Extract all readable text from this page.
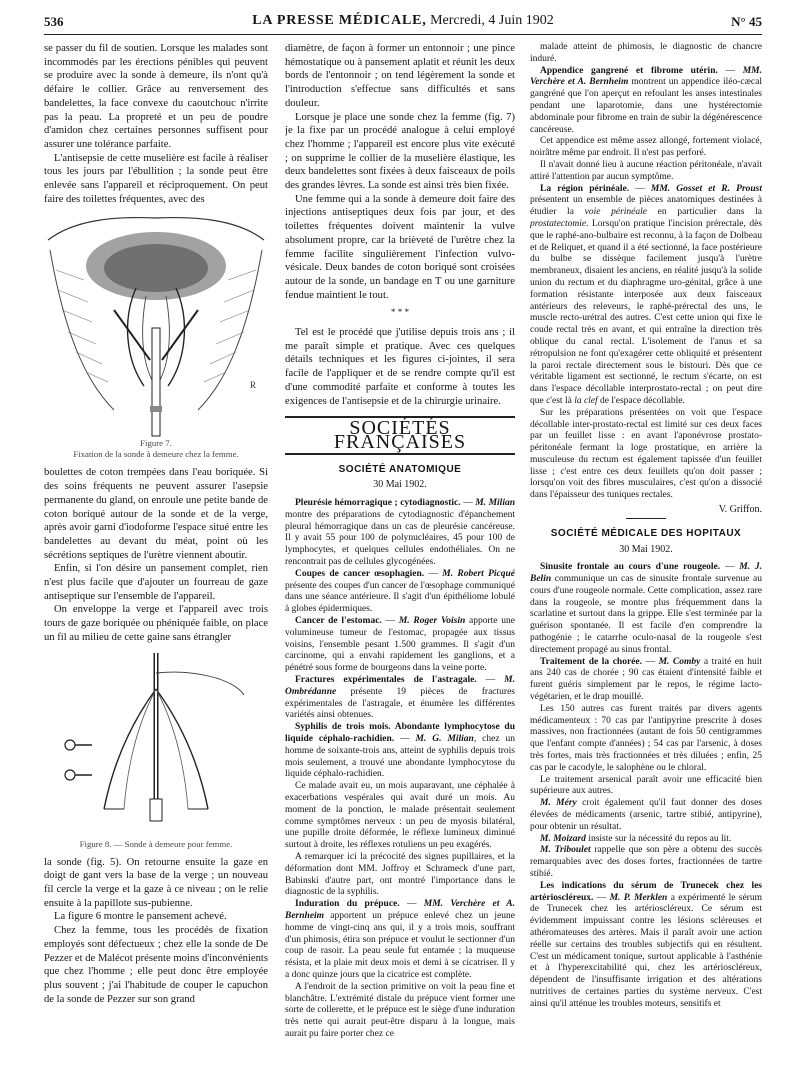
536	LA PRESSE MÉDICALE, Mercredi, 4 Juin 1902	N° 45

se passer du fil de soutien. Lorsque les malades sont incommodés par les érections pénibles qui peuvent se produire avec la sonde à demeure, ils n'ont qu'à défaire le collier. Grâce au renversement des bandelettes, la face convexe du caoutchouc n'irrite pas la peau. La propreté et un peu de poudre d'amidon chez certaines personnes suffisent pour assurer une tolérance parfaite.

L'antisepsie de cette muselière est facile à réaliser tous les jours par l'ébullition ; la sonde peut être enlevée sans l'appareil et réciproquement. On peut faire des toilettes fréquentes, avec des

R
Figure 7.
Fixation de la sonde à demeure chez la femme.

boulettes de coton trempées dans l'eau boriquée. Si des soins fréquents ne peuvent assurer l'asepsie permanente du gland, on enroule une petite bande de coton boriqué autour de la sonde et de la verge, après avoir garni d'iodoforme l'espace situé entre les bandelettes au devant du méat, point où les sécrétions septiques de l'urètre viennent aboutir.

Enfin, si l'on désire un pansement complet, rien n'est plus facile que d'ajouter un fourreau de gaze antiseptique sur l'ensemble de l'appareil.

On enveloppe la verge et l'appareil avec trois tours de gaze boriquée ou phéniquée faible, on place un fil au milieu de cette gaine sans étrangler

Figure 8. — Sonde à demeure pour femme.

la sonde (fig. 5). On retourne ensuite la gaze en doigt de gant vers la base de la verge ; un nouveau fil cercle la verge et la gaze à ce niveau ; on le relie ensuite à la papillote sus-pubienne.

La figure 6 montre le pansement achevé.

Chez la femme, tous les procédés de fixation employés sont défectueux ; chez elle la sonde de De Pezzer et de Malécot présente moins d'inconvénients que chez l'homme ; elle peut donc être employée plus souvent ; j'ai l'habitude de couper le capuchon de la sonde de Pezzer sur son grand

diamètre, de façon à former un entonnoir ; une pince hémostatique ou à pansement aplatit et réunit les deux bords de l'entonnoir ; on tend légèrement la sonde et l'introduction s'effectue sans difficultés et sans douleur.

Lorsque je place une sonde chez la femme (fig. 7) je la fixe par un procédé analogue à celui employé chez l'homme ; l'appareil est encore plus vite exécuté ; on supprime le collier de la muselière élastique, les deux bandelettes sont fixées à deux faisceaux de poils des grandes lèvres. La sonde est ainsi très bien fixée.

Une femme qui a la sonde à demeure doit faire des injections antiseptiques deux fois par jour, et des toilettes fréquentes doivent maintenir la vulve absolument propre, car la brièveté de l'urètre chez la femme facilite singulièrement l'infection vulvo-vésicale. Deux bandes de coton boriqué sont croisées autour de la sonde, un bandage en T ou une garniture fendue maintient le tout.

* * *

Tel est le procédé que j'utilise depuis trois ans ; il me paraît simple et pratique. Avec ces quelques détails techniques et les figures ci-jointes, il sera facile de l'appliquer et de se rendre compte qu'il est d'une commodité parfaite et conforme à toutes les exigences de l'antisepsie et de la chirurgie urinaire.

SOCIÉTÉS FRANÇAISES
SOCIÉTÉ ANATOMIQUE
30 Mai 1902.

Pleurésie hémorragique ; cytodiagnostic. — M. Milian montre des préparations de cytodiagnostic d'épanchement pleural hémorragique dans un cas de pleurésie cancéreuse. Il y avait 55 pour 100 de polynucléaires, 45 pour 100 de lymphocytes, et quelques cellules endothéliales. On ne rencontrait pas de cellules glycogénées.

Coupes de cancer œsophagien. — M. Robert Picqué présente des coupes d'un cancer de l'œsophage communiqué dans une séance antérieure. Il s'agit d'un épithéliome lobulé à globes épidermiques.

Cancer de l'estomac. — M. Roger Voisin apporte une volumineuse tumeur de l'estomac, propagée aux tissus voisins, l'ensemble pesant 1.500 grammes. Il s'agit d'un carcinome, qui a envahi rapidement les ganglions, et a pénétré sous forme de bourgeons dans la veine porte.

Fractures expérimentales de l'astragale. — M. Ombrédanne présente 19 pièces de fractures expérimentales de l'astragale, et énumère les différentes variétés ainsi obtenues.

Syphilis de trois mois. Abondante lymphocytose du liquide céphalo-rachidien. — M. G. Milian, chez un homme de soixante-trois ans, atteint de syphilis depuis trois mois seulement, a trouvé une abondante lymphocytose du liquide céphalo-rachidien.

Ce malade avait eu, un mois auparavant, une céphalée à exacerbations vespérales qui avait duré un mois. Au moment de la ponction, le malade présentait seulement comme symptômes nerveux : un peu de myosis bilatéral, une pupille droite déformée, le réflexe lumineux diminué surtout à droite, les réflexes rotuliens un peu exagérés.

A remarquer ici la précocité des signes pupillaires, et la déformation dont MM. Joffroy et Schrameck d'une part, Babinski d'autre part, ont montré l'importance dans le diagnostic de la syphilis.

Induration du prépuce. — MM. Verchère et A. Bernheim apportent un prépuce enlevé chez un jeune homme de vingt-cinq ans qui, il y a trois mois, souffrant d'un phimosis, étira son prépuce et voulut le sectionner d'un coup de rasoir. La peau seule fut entamée ; la muqueuse résista, et la plaie mit deux mois et demi à se cicatriser. Il y a donc quinze jours que la cicatrice est complète.

A l'endroit de la section primitive on voit la peau fine et blanchâtre. L'extrémité distale du prépuce vient former une sorte de collerette, et le prépuce est le siège d'une induration très nette qui aurait peut-être disparu à la longue, mais aurait pu faire porter chez ce

malade atteint de phimosis, le diagnostic de chancre induré.

Appendice gangrené et fibrome utérin. — MM. Verchère et A. Bernheim montrent un appendice iléo-cæcal gangréné que l'on aperçut en refoulant les anses intestinales pendant une laparotomie, dans une hystérectomie abdominale pour fibrome en train de subir la dégénérescence cancéreuse.

Cet appendice est même assez allongé, fortement violacé, noirâtre même par endroit. Il n'est pas perforé.

Il n'avait donné lieu à aucune réaction péritonéale, n'avait attiré l'attention par aucun symptôme.

La région périnéale. — MM. Gosset et R. Proust présentent un ensemble de pièces anatomiques destinées à étudier la voie périnéale en particulier dans la prostatectomie. Lorsqu'on pratique l'incision prérectale, dès que le raphé-ano-bulbaire est reconnu, à la façon de Dolbeau et de Reliquet, et quand il a été sectionné, la face postérieure du bulbe se dissèque facilement jusqu'à l'urètre membraneux, disaient les anciens, en réalité jusqu'à la solide union du rectum et du diaphragme uro-génital, grâce à une formation résistante interposée aux deux faisceaux antérieurs des releveurs, le raphé-prérectal des uns, le muscle recto-urétral des autres. C'est cette union qui fixe le coude rectal très en avant, et qui entraîne la direction très oblique du canal rectal. L'isolement de l'anus et sa rétropulsion ne font qu'exagérer cette obliquité et présentent la paroi rectale directement sous le bistouri. Dès que ce véritable ligament est sectionné, le rectum s'écarte, on est dans l'espace décollable interprostato-rectal ; on peut dire que c'est là la clef de l'espace décollable.

Sur les préparations présentées on voit que l'espace décollable inter-prostato-rectal est limité sur ces deux faces par un feuillet lisse : en avant l'aponévrose prostato-péritonéale fermant la loge prostatique, en arrière la musculeuse du rectum est également tapissée d'un feuillet lisse ; c'est entre ces deux feuillets qu'on doit passer ; lorsqu'on voit des fibres musculaires, c'est qu'on a dissocié dans l'épaisseur des tuniques rectales.

V. Griffon.
SOCIÉTÉ MÉDICALE DES HOPITAUX
30 Mai 1902.

Sinusite frontale au cours d'une rougeole. — M. J. Belin communique un cas de sinusite frontale survenue au cours d'une rougeole normale. Cette complication, assez rare dans la rougeole, se montre plus fréquemment dans la scarlatine et surtout dans la grippe. Elle s'est terminée par la guérison spontanée. Il est facile d'en comprendre la pathogénie ; le catarrhe oculo-nasal de la rougeole s'est directement propagé au sinus frontal.

Traitement de la chorée. — M. Comby a traité en huit ans 240 cas de chorée ; 90 cas étaient d'intensité faible et furent guéris simplement par le repos, le régime lacto-végétarien, et le drap mouillé.

Les 150 autres cas furent traités par divers agents médicamenteux : 70 cas par l'antipyrine prescrite à doses massives, non fractionnées (autant de fois 50 centigrammes que l'enfant compte d'années) ; 54 cas par l'arsenic, à doses très fortes, mais très fractionnées et très diluées ; enfin, 25 cas par le cacodyle, le salophène ou le chloral.

Le traitement arsenical paraît avoir une efficacité bien supérieure aux autres.

M. Méry croit également qu'il faut donner des doses élevées de médicaments (arsenic, tartre stibié, antipyrine), pour obtenir un résultat.

M. Moizard insiste sur la nécessité du repos au lit.

M. Triboulet rappelle que son père a obtenu des succès remarquables avec des doses fortes, fractionnées de tartre stibié.

Les indications du sérum de Trunecek chez les artérioscléreux. — M. P. Merklen a expérimenté le sérum de Trunecek chez les artérioscléreux. Ce sérum est évidemment impuissant contre les lésions scléreuses et athéromateuses des artères. Mais il paraît avoir une action réelle sur certains des troubles subjectifs qui en résultent. C'est un médicament tonique, surtout applicable à l'asthénie et à l'hyperexcitabilité qui, chez les artérioscléreux, dépendent de l'insuffisante irrigation et des altérations nutritives de certaines parties du système nerveux. C'est ainsi qu'il atténue les troubles moteurs, sensitifs et
